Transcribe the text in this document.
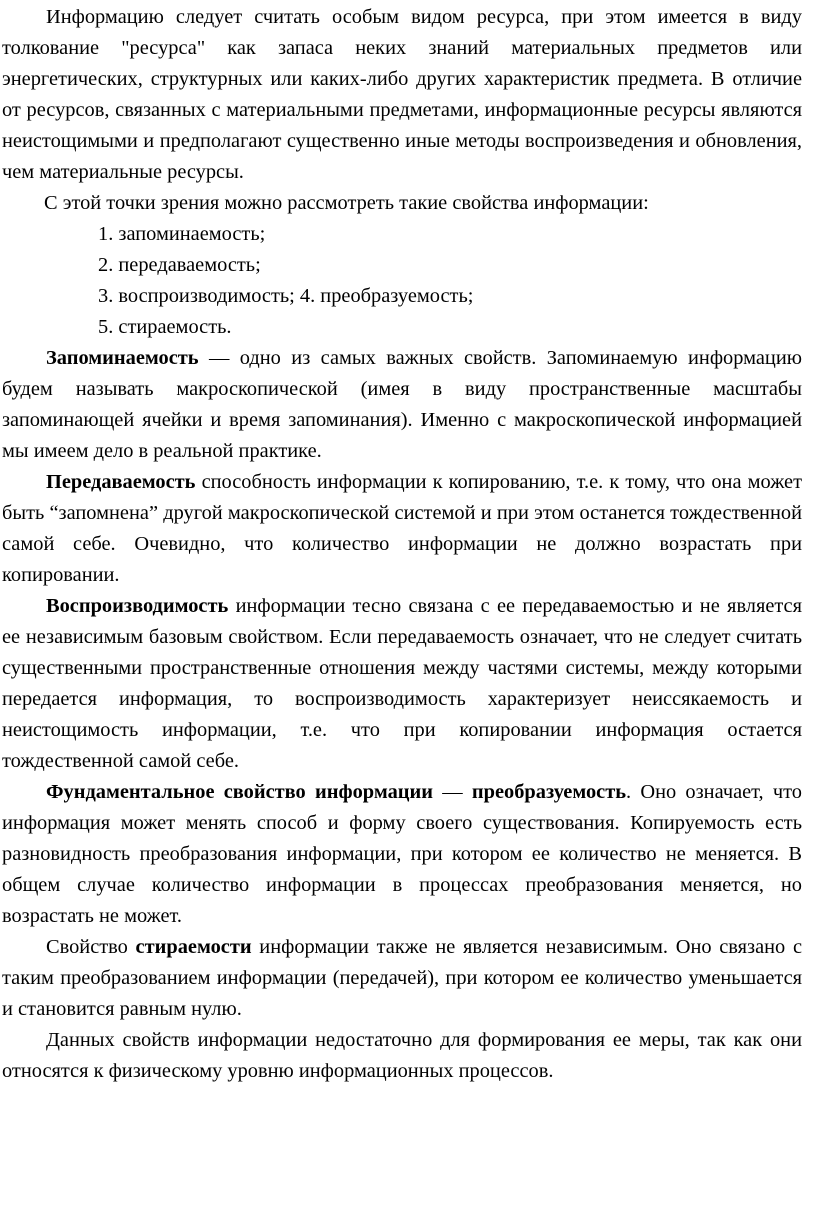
Информацию следует считать особым видом ресурса, при этом имеется в виду толкование "ресурса" как запаса неких знаний материальных предметов или энергетических, структурных или каких-либо других характеристик предмета. В отличие от ресурсов, связанных с материальными предметами, информационные ресурсы являются неистощимыми и предполагают существенно иные методы воспроизведения и обновления, чем материальные ресурсы.

С этой точки зрения можно рассмотреть такие свойства информации:

1. запоминаемость;
2. передаваемость;
3. воспроизводимость; 4. преобразуемость;
5. стираемость.

Запоминаемость — одно из самых важных свойств. Запоминаемую информацию будем называть макроскопической (имея в виду пространственные масштабы запоминающей ячейки и время запоминания). Именно с макроскопической информацией мы имеем дело в реальной практике.

Передаваемость способность информации к копированию, т.е. к тому, что она может быть “запомнена” другой макроскопической системой и при этом останется тождественной самой себе. Очевидно, что количество информации не должно возрастать при копировании.

Воспроизводимость информации тесно связана с ее передаваемостью и не является ее независимым базовым свойством. Если передаваемость означает, что не следует считать существенными пространственные отношения между частями системы, между которыми передается информация, то воспроизводимость характеризует неиссякаемость и неистощимость информации, т.е. что при копировании информация остается тождественной самой себе.

Фундаментальное свойство информации — преобразуемость. Оно означает, что информация может менять способ и форму своего существования. Копируемость есть разновидность преобразования информации, при котором ее количество не меняется. В общем случае количество информации в процессах преобразования меняется, но возрастать не может.

Свойство стираемости информации также не является независимым. Оно связано с таким преобразованием информации (передачей), при котором ее количество уменьшается и становится равным нулю.

Данных свойств информации недостаточно для формирования ее меры, так как они относятся к физическому уровню информационных процессов.
